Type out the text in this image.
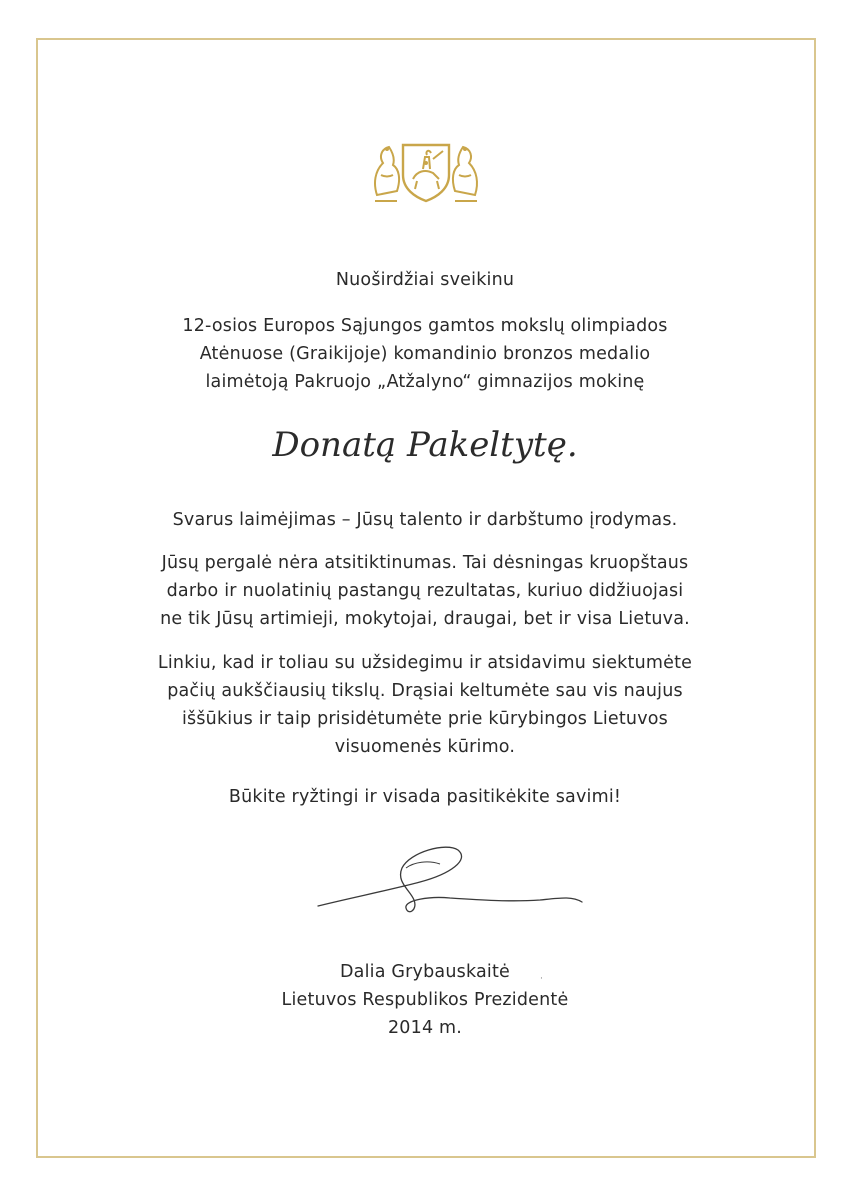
Nuoširdžiai sveikinu
12-osios Europos Sąjungos gamtos mokslų olimpiados
Atėnuose (Graikijoje) komandinio bronzos medalio
laimėtoją Pakruojo „Atžalyno“ gimnazijos mokinę
Donatą Pakeltytę.
Svarus laimėjimas – Jūsų talento ir darbštumo įrodymas.
Jūsų pergalė nėra atsitiktinumas. Tai dėsningas kruopštaus
darbo ir nuolatinių pastangų rezultatas, kuriuo didžiuojasi
ne tik Jūsų artimieji, mokytojai, draugai, bet ir visa Lietuva.
Linkiu, kad ir toliau su užsidegimu ir atsidavimu siektumėte
pačių aukščiausių tikslų. Drąsiai keltumėte sau vis naujus
iššūkius ir taip prisidėtumėte prie kūrybingos Lietuvos
visuomenės kūrimo.
Būkite ryžtingi ir visada pasitikėkite savimi!
Dalia Grybauskaitė
Lietuvos Respublikos Prezidentė
2014 m.
·
